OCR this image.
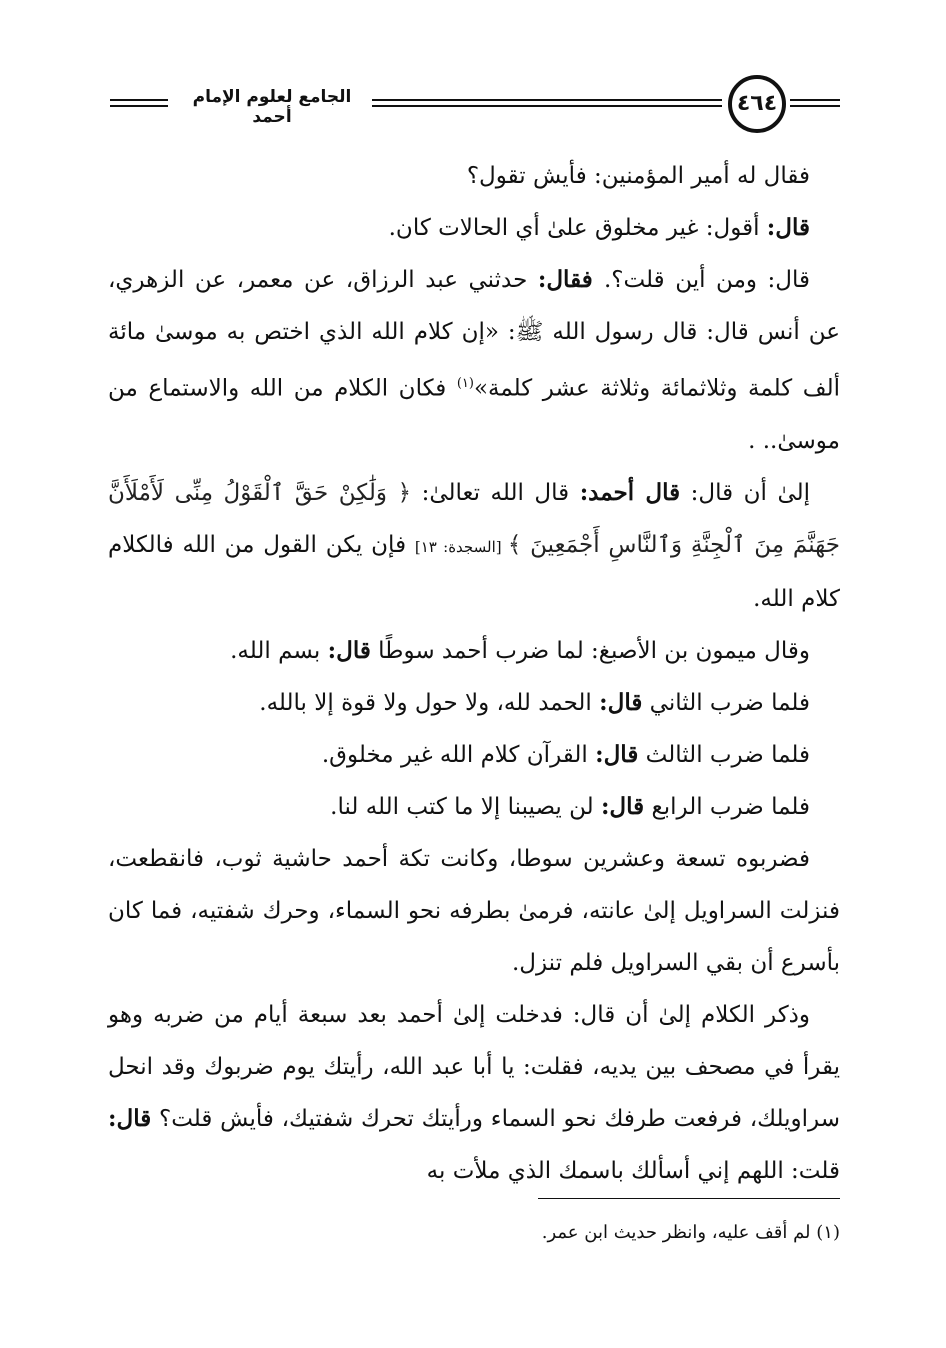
الجامع لعلوم الإمام أحمد
٤٦٤

فقال له أمير المؤمنين: فأيش تقول؟

قال: أقول: غير مخلوق علىٰ أي الحالات كان.

قال: ومن أين قلت؟. فقال: حدثني عبد الرزاق، عن معمر، عن الزهري، عن أنس قال: قال رسول الله ﷺ: «إن كلام الله الذي اختص به موسىٰ مائة ألف كلمة وثلاثمائة وثلاثة عشر كلمة»$^{(١)}$ فكان الكلام من الله والاستماع من موسىٰ.. .

إلىٰ أن قال: قال أحمد: قال الله تعالىٰ: ﴿ وَلَٰكِنْ حَقَّ ٱلْقَوْلُ مِنِّى لَأَمْلَأَنَّ جَهَنَّمَ مِنَ ٱلْجِنَّةِ وَٱلنَّاسِ أَجْمَعِينَ ﴾ [السجدة: ١٣] فإن يكن القول من الله فالكلام كلام الله.

وقال ميمون بن الأصبغ: لما ضرب أحمد سوطًا قال: بسم الله.

فلما ضرب الثاني قال: الحمد لله، ولا حول ولا قوة إلا بالله.

فلما ضرب الثالث قال: القرآن كلام الله غير مخلوق.

فلما ضرب الرابع قال: لن يصيبنا إلا ما كتب الله لنا.

فضربوه تسعة وعشرين سوطا، وكانت تكة أحمد حاشية ثوب، فانقطعت، فنزلت السراويل إلىٰ عانته، فرمىٰ بطرفه نحو السماء، وحرك شفتيه، فما كان بأسرع أن بقي السراويل فلم تنزل.

وذكر الكلام إلىٰ أن قال: فدخلت إلىٰ أحمد بعد سبعة أيام من ضربه وهو يقرأ في مصحف بين يديه، فقلت: يا أبا عبد الله، رأيتك يوم ضربوك وقد انحل سراويلك، فرفعت طرفك نحو السماء ورأيتك تحرك شفتيك، فأيش قلت؟ قال: قلت: اللهم إني أسألك باسمك الذي ملأت به

(١) لم أقف عليه، وانظر حديث ابن عمر.
